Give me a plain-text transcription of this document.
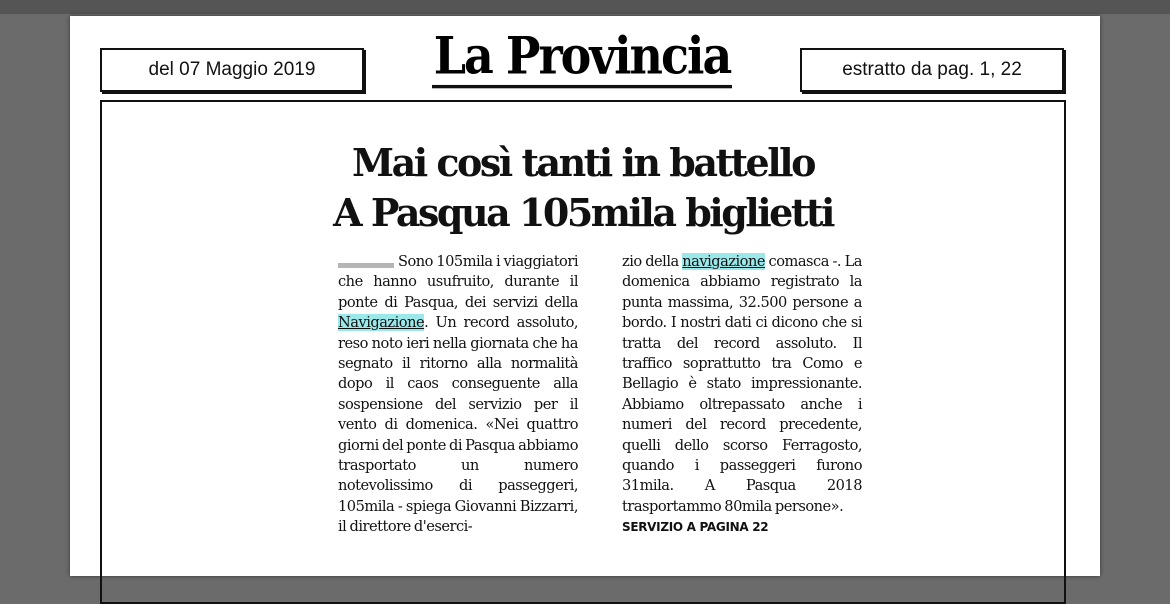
del 07 Maggio 2019	La Provincia	estratto da pag. 1, 22
Mai così tanti in battello
A Pasqua 105mila biglietti
Sono 105mila i viaggiatori che hanno usufruito, durante il ponte di Pasqua, dei servizi della Navigazione. Un record assoluto, reso noto ieri nella giornata che ha segnato il ritorno alla normalità dopo il caos conseguente alla sospensione del servizio per il vento di domenica. «Nei quattro giorni del ponte di Pasqua abbiamo trasportato un numero notevolissimo di passeggeri, 105mila - spiega Giovanni Bizzarri, il direttore d'eserci-
zio della navigazione comasca -. La domenica abbiamo registrato la punta massima, 32.500 persone a bordo. I nostri dati ci dicono che si tratta del record assoluto. Il traffico soprattutto tra Como e Bellagio è stato impressionante. Abbiamo oltrepassato anche i numeri del record precedente, quelli dello scorso Ferragosto, quando i passeggeri furono 31mila. A Pasqua 2018 trasportammo 80mila persone».
SERVIZIO A PAGINA 22
